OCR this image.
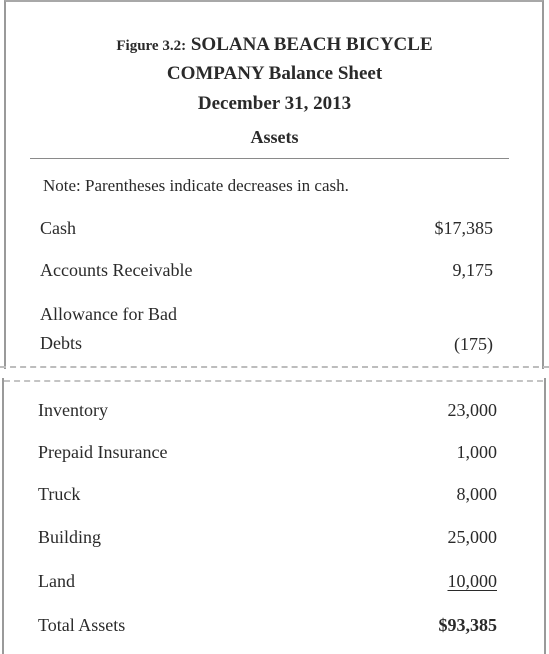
Figure 3.2: SOLANA BEACH BICYCLE
COMPANY Balance Sheet
December 31, 2013
Assets
Note: Parentheses indicate decreases in cash.
Cash	$17,385
Accounts Receivable	9,175
Allowance for Bad
Debts	(175)
Inventory	23,000
Prepaid Insurance	1,000
Truck	8,000
Building	25,000
Land	10,000
Total Assets	$93,385
